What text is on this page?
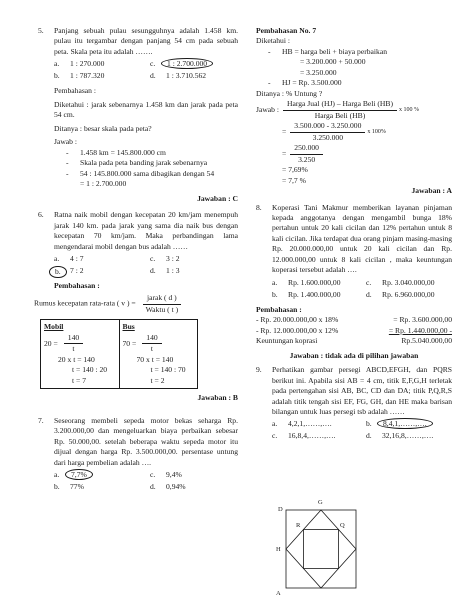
5. Panjang sebuah pulau sesungguhnya adalah 1.458 km. pulau itu tergambar dengan panjang 54 cm pada sebuah peta. Skala peta itu adalah …….
a. 1 : 270.000	c. 1 : 2.700.000
b. 1 : 787.320	d. 1 : 3.710.562
Pembahasan :
Diketahui : jarak sebenarnya 1.458 km dan jarak pada peta 54 cm.
Ditanya : besar skala pada peta?
Jawab :
- 1.458 km = 145.800.000 cm
- Skala pada peta banding jarak sebenarnya
- 54 : 145.800.000 sama dibagikan dengan 54
= 1 : 2.700.000
Jawaban : C
6. Ratna naik mobil dengan kecepatan 20 km/jam menempuh jarak 140 km. pada jarak yang sama dia naik bus dengan kecepatan 70 km/jam. Maka perbandingan lama mengendarai mobil dengan bus adalah ……
a. 4 : 7	c. 3 : 2
b.	7 : 2	d. 1 : 3
Pembahasan :
Rumus kecepatan rata-rata ( v ) = $\frac{\text{jarak ( d )}}{\text{Waktu ( t )}}$
Mobil
$20 = \frac{140}{t}$
20 x t = 140
t = 140 : 20
t = 7

Bus
$70 = \frac{140}{t}$
70 x t = 140
t = 140 : 70
t = 2
Jawaban : B
7. Seseorang membeli sepeda motor bekas seharga Rp. 3.200.000,00 dan mengeluarkan biaya perbaikan sebesar Rp. 50.000,00. setelah beberapa waktu sepeda motor itu dijual dengan harga Rp. 3.500.000,00. persentase untung dari harga pembelian adalah ….
a. 7,7%	c. 9,4%
b. 77%	d. 0,94%
Pembahasan No. 7
Diketahui :
- HB = harga beli + biaya perbaikan
= 3.200.000 + 50.000
= 3.250.000
- HJ = Rp. 3.500.000
Ditanya : % Untung ?
Jawab : $\frac{\text{Harga Jual (HJ) – Harga Beli (HB)}}{\text{Harga Beli (HB)}}$ x 100 %
= $\frac{3.500.000 - 3.250.000}{3.250.000}$ x 100%
= $\frac{250.000}{3.250}$
= 7,69%
= 7,7 %
Jawaban : A
8. Koperasi Tani Makmur memberikan layanan pinjaman kepada anggotanya dengan mengambil bunga 18% pertahun untuk 20 kali cicilan dan 12% pertahun untuk 8 kali cicilan. Jika terdapat dua orang pinjam masing-masing Rp. 20.000.000,00 untuk 20 kali cicilan dan Rp. 12.000.000,00 untuk 8 kali cicilan , maka keuntungan koperasi tersebut adalah ….
a. Rp. 1.600.000,00	c. Rp. 3.040.000,00
b. Rp. 1.400.000,00	d. Rp. 6.960.000,00
Pembahasan :
- Rp. 20.000.000,00 x 18%	= Rp. 3.600.000,00
- Rp. 12.000.000,00 x 12%	= Rp. 1.440.000,00 -
Keuntungan koprasi	Rp.5.040.000,00
Jawaban : tidak ada di pilihan jawaban
9. Perhatikan gambar persegi ABCD,EFGH, dan PQRS berikut ini. Apabila sisi AB = 4 cm, titik E,F,G,H terletak pada pertengahan sisi AB, BC, CD dan DA; titik P,Q,R,S adalah titik tengah sisi EF, FG, GH, dan HE maka barisan bilangan untuk luas persegi tsb adalah ……
a. 4,2,1,……,….	b. 8,4,1,……,….
c. 16,8,4,……,….	d. 32,16,8,……,….
D
G
R	Q
H
A
